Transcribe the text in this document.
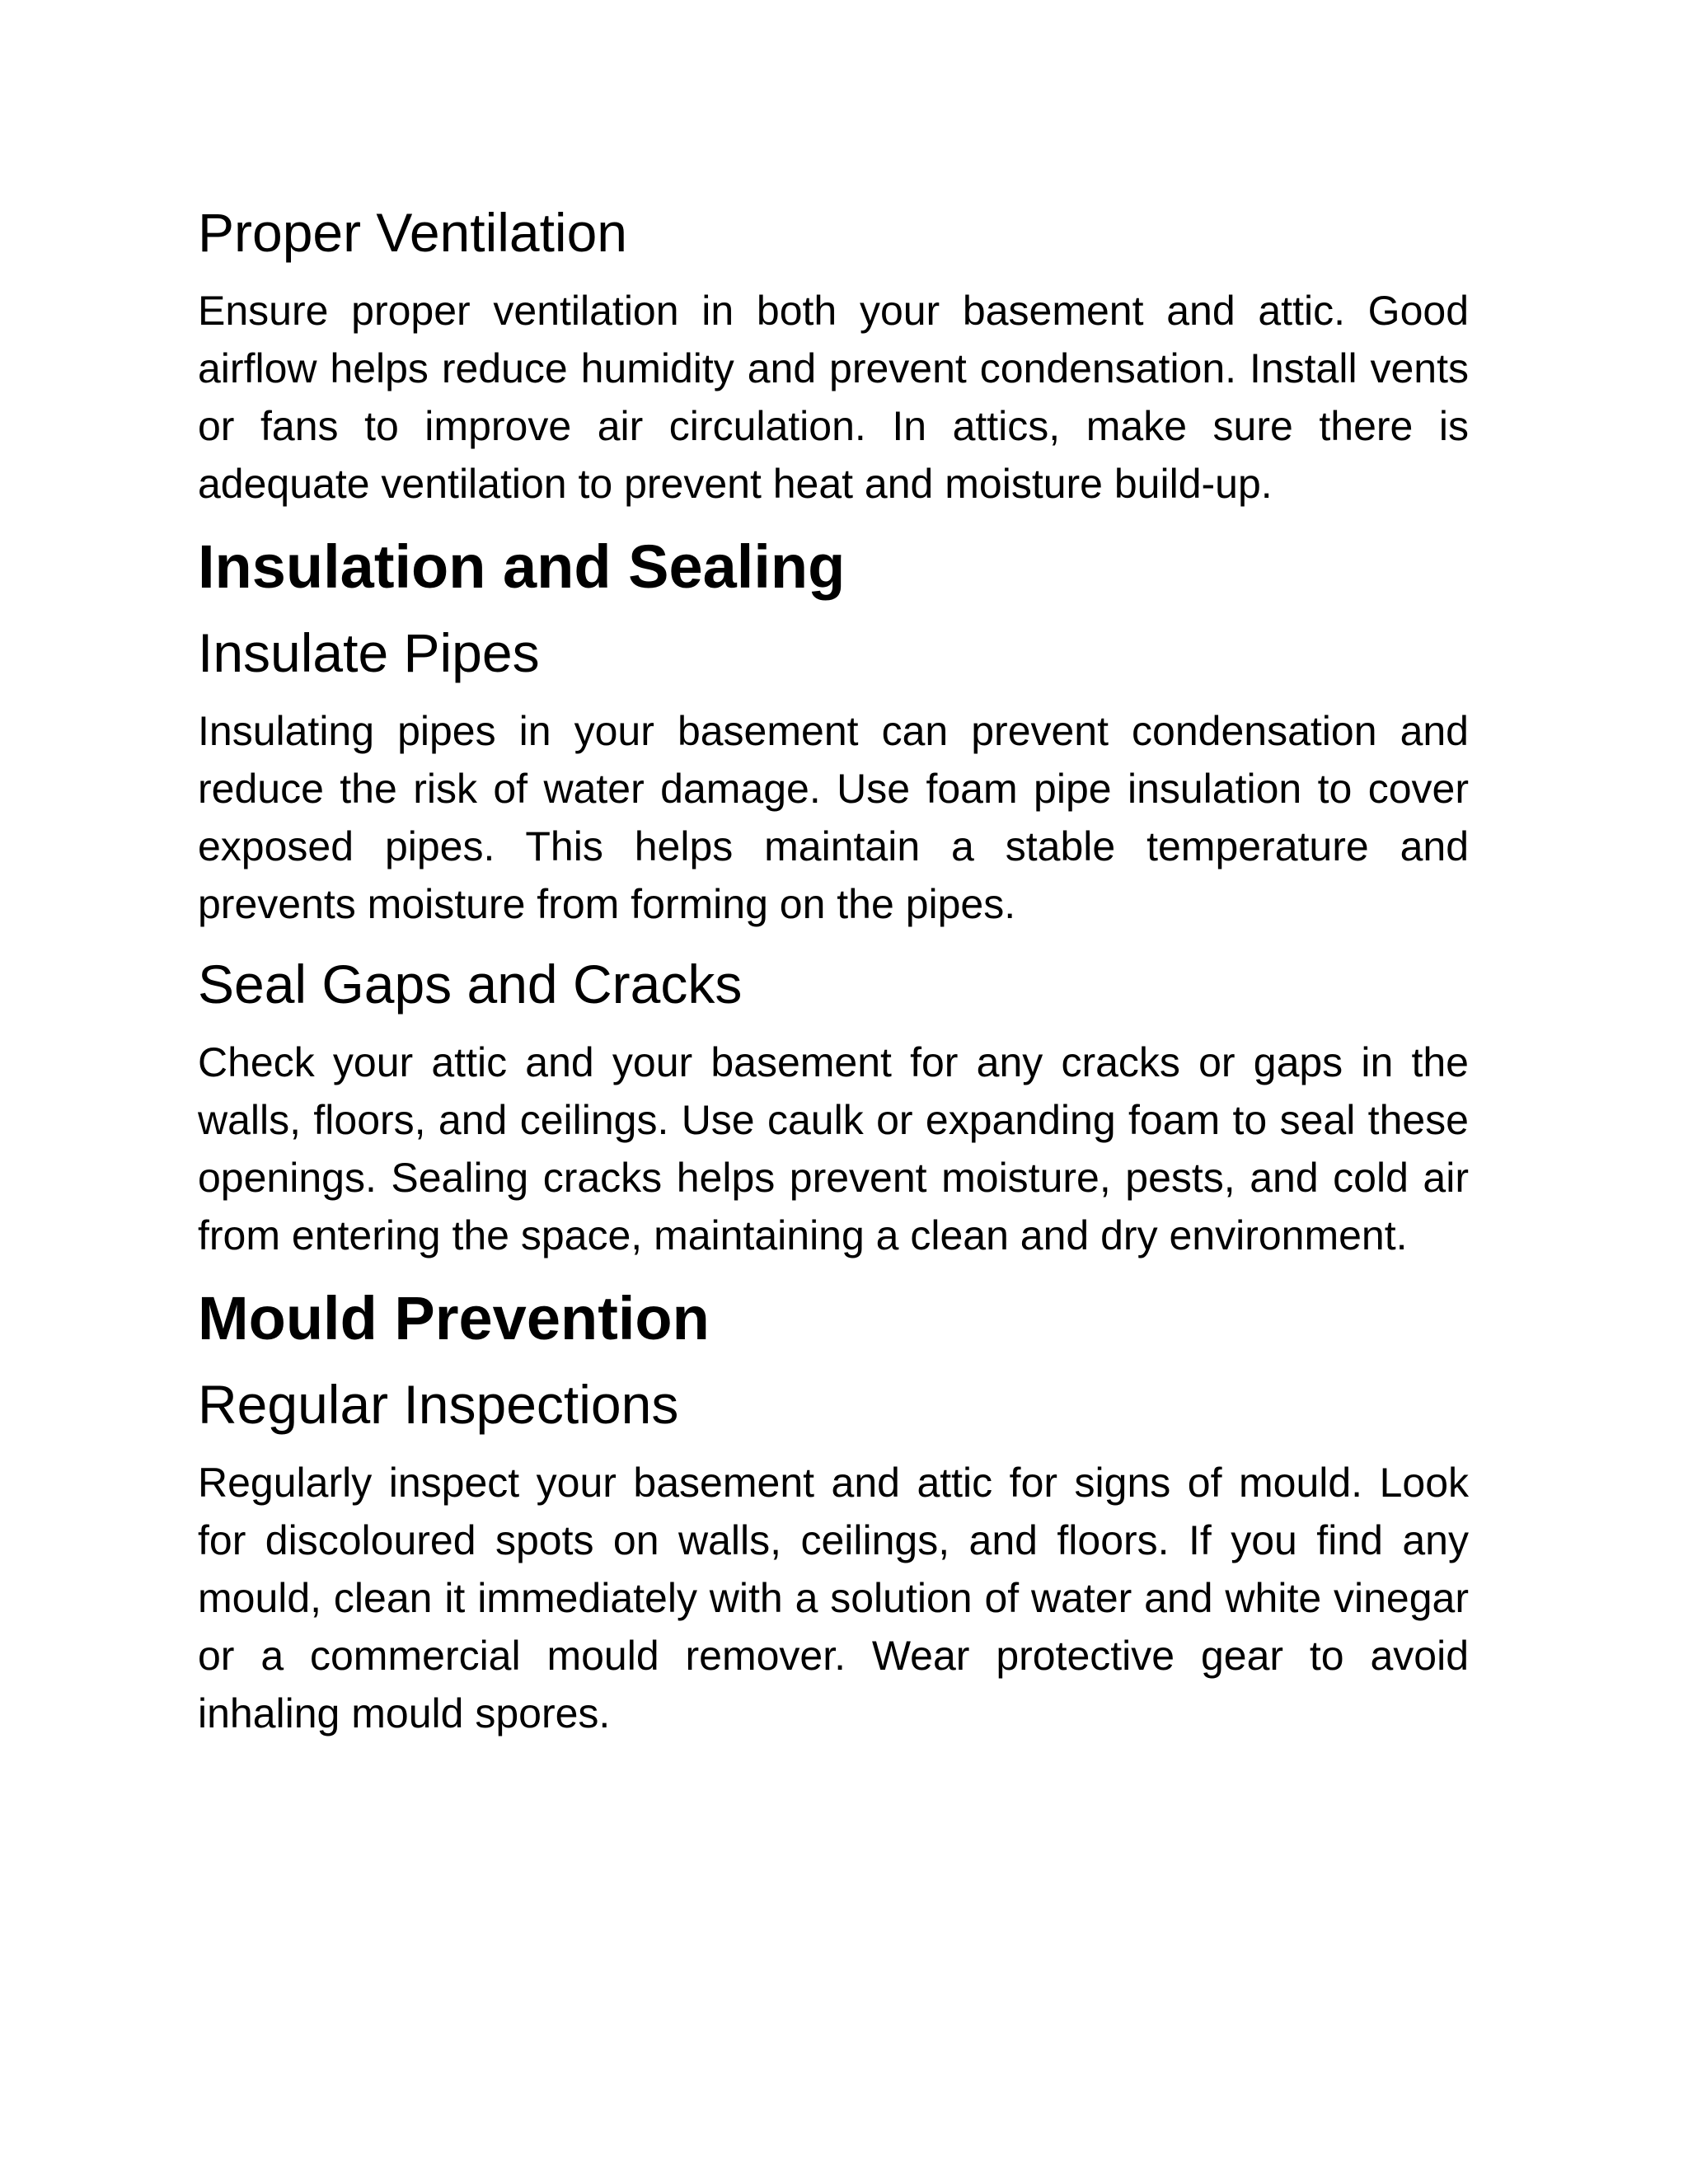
Proper Ventilation
Ensure proper ventilation in both your basement and attic. Good airflow helps reduce humidity and prevent condensation. Install vents or fans to improve air circulation. In attics, make sure there is adequate ventilation to prevent heat and moisture build-up.
Insulation and Sealing
Insulate Pipes
Insulating pipes in your basement can prevent condensation and reduce the risk of water damage. Use foam pipe insulation to cover exposed pipes. This helps maintain a stable temperature and prevents moisture from forming on the pipes.
Seal Gaps and Cracks
Check your attic and your basement for any cracks or gaps in the walls, floors, and ceilings. Use caulk or expanding foam to seal these openings. Sealing cracks helps prevent moisture, pests, and cold air from entering the space, maintaining a clean and dry environment.
Mould Prevention
Regular Inspections
Regularly inspect your basement and attic for signs of mould. Look for discoloured spots on walls, ceilings, and floors. If you find any mould, clean it immediately with a solution of water and white vinegar or a commercial mould remover. Wear protective gear to avoid inhaling mould spores.
